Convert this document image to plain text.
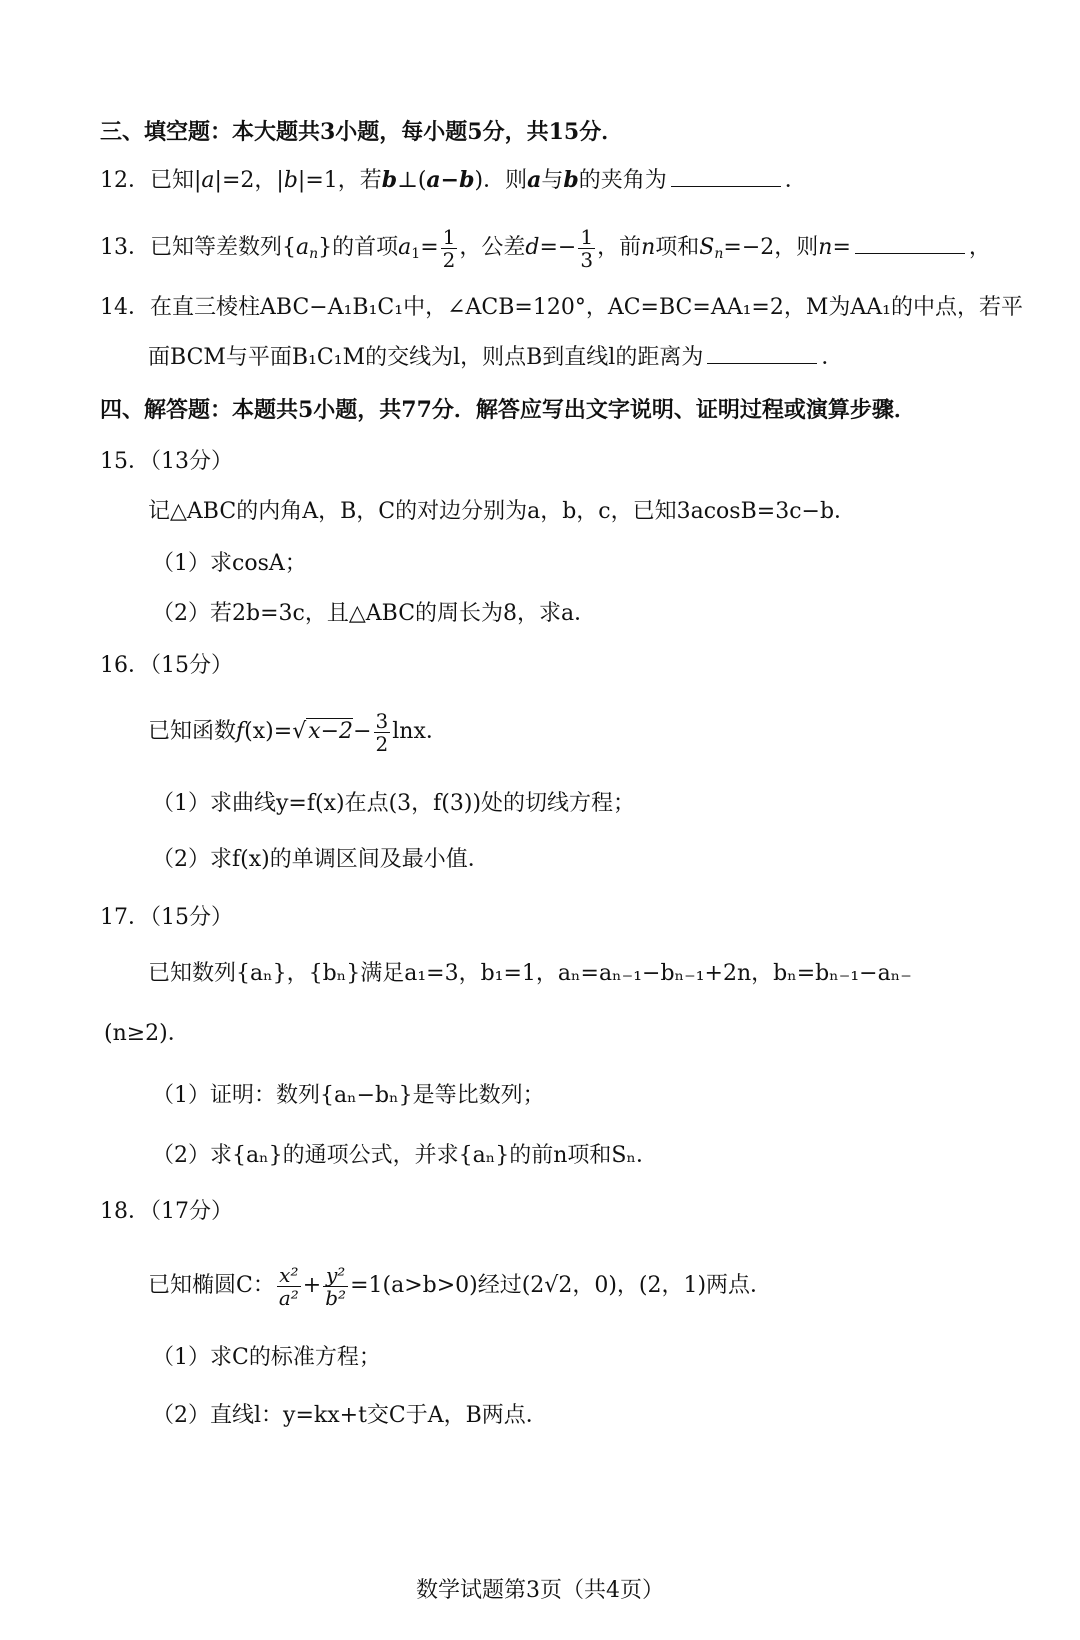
三、填空题：本大题共3小题，每小题5分，共15分．
12．已知|a|=2，|b|=1，若b⊥(a−b)．则a与b的夹角为	．
13．已知等差数列$\{a_n\}$的首项$a_1= \frac{1}{2}$ ，公差$d=- \frac{1}{3}$ ，前n项和$S_n=-2$，则n=	，
14．在直三棱柱ABC−A₁B₁C₁中，∠ACB=120°，AC=BC=AA₁=2，M为AA₁的中点，若平
面BCM与平面B₁C₁M的交线为l，则点B到直线l的距离为	．
四、解答题：本题共5小题，共77分．解答应写出文字说明、证明过程或演算步骤．
15．（13分）
记△ABC的内角A，B，C的对边分别为a，b，c，已知3acosB=3c−b．
（1）求cosA；
（2）若2b=3c，且△ABC的周长为8，求a．
16．（15分）
已知函数$f(x)=√x-2- \frac{3}{2}$ lnx．
（1）求曲线y=f(x)在点(3，f(3))处的切线方程；
（2）求f(x)的单调区间及最小值．
17．（15分）
已知数列{aₙ}，{bₙ}满足a₁=3，b₁=1，aₙ=aₙ₋₁−bₙ₋₁+2n，bₙ=bₙ₋₁−aₙ₋
(n≥2)．
（1）证明：数列{aₙ−bₙ}是等比数列；
（2）求{aₙ}的通项公式，并求{aₙ}的前n项和Sₙ．
18．（17分）
已知椭圆C： $\frac{\text{x²}}{\text{a²}} + \frac{\text{y²}}{\text{b²}} =1(a>b>0)$经过(2√2，0)，(2，1)两点．
（1）求C的标准方程；
（2）直线l：y=kx+t交C于A，B两点．
数学试题第3页（共4页）
